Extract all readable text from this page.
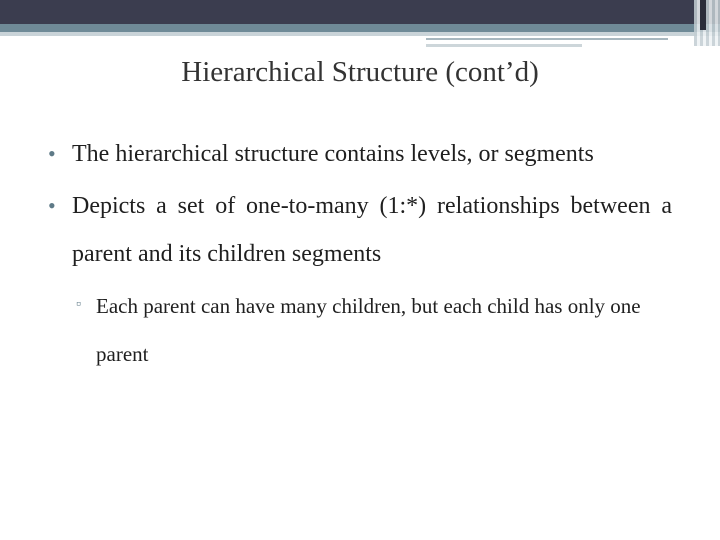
Hierarchical Structure (cont’d)
• The hierarchical structure contains levels, or segments
• Depicts a set of one-to-many (1:*) relationships between a parent and its children segments
▫ Each parent can have many children, but each child has only one parent
